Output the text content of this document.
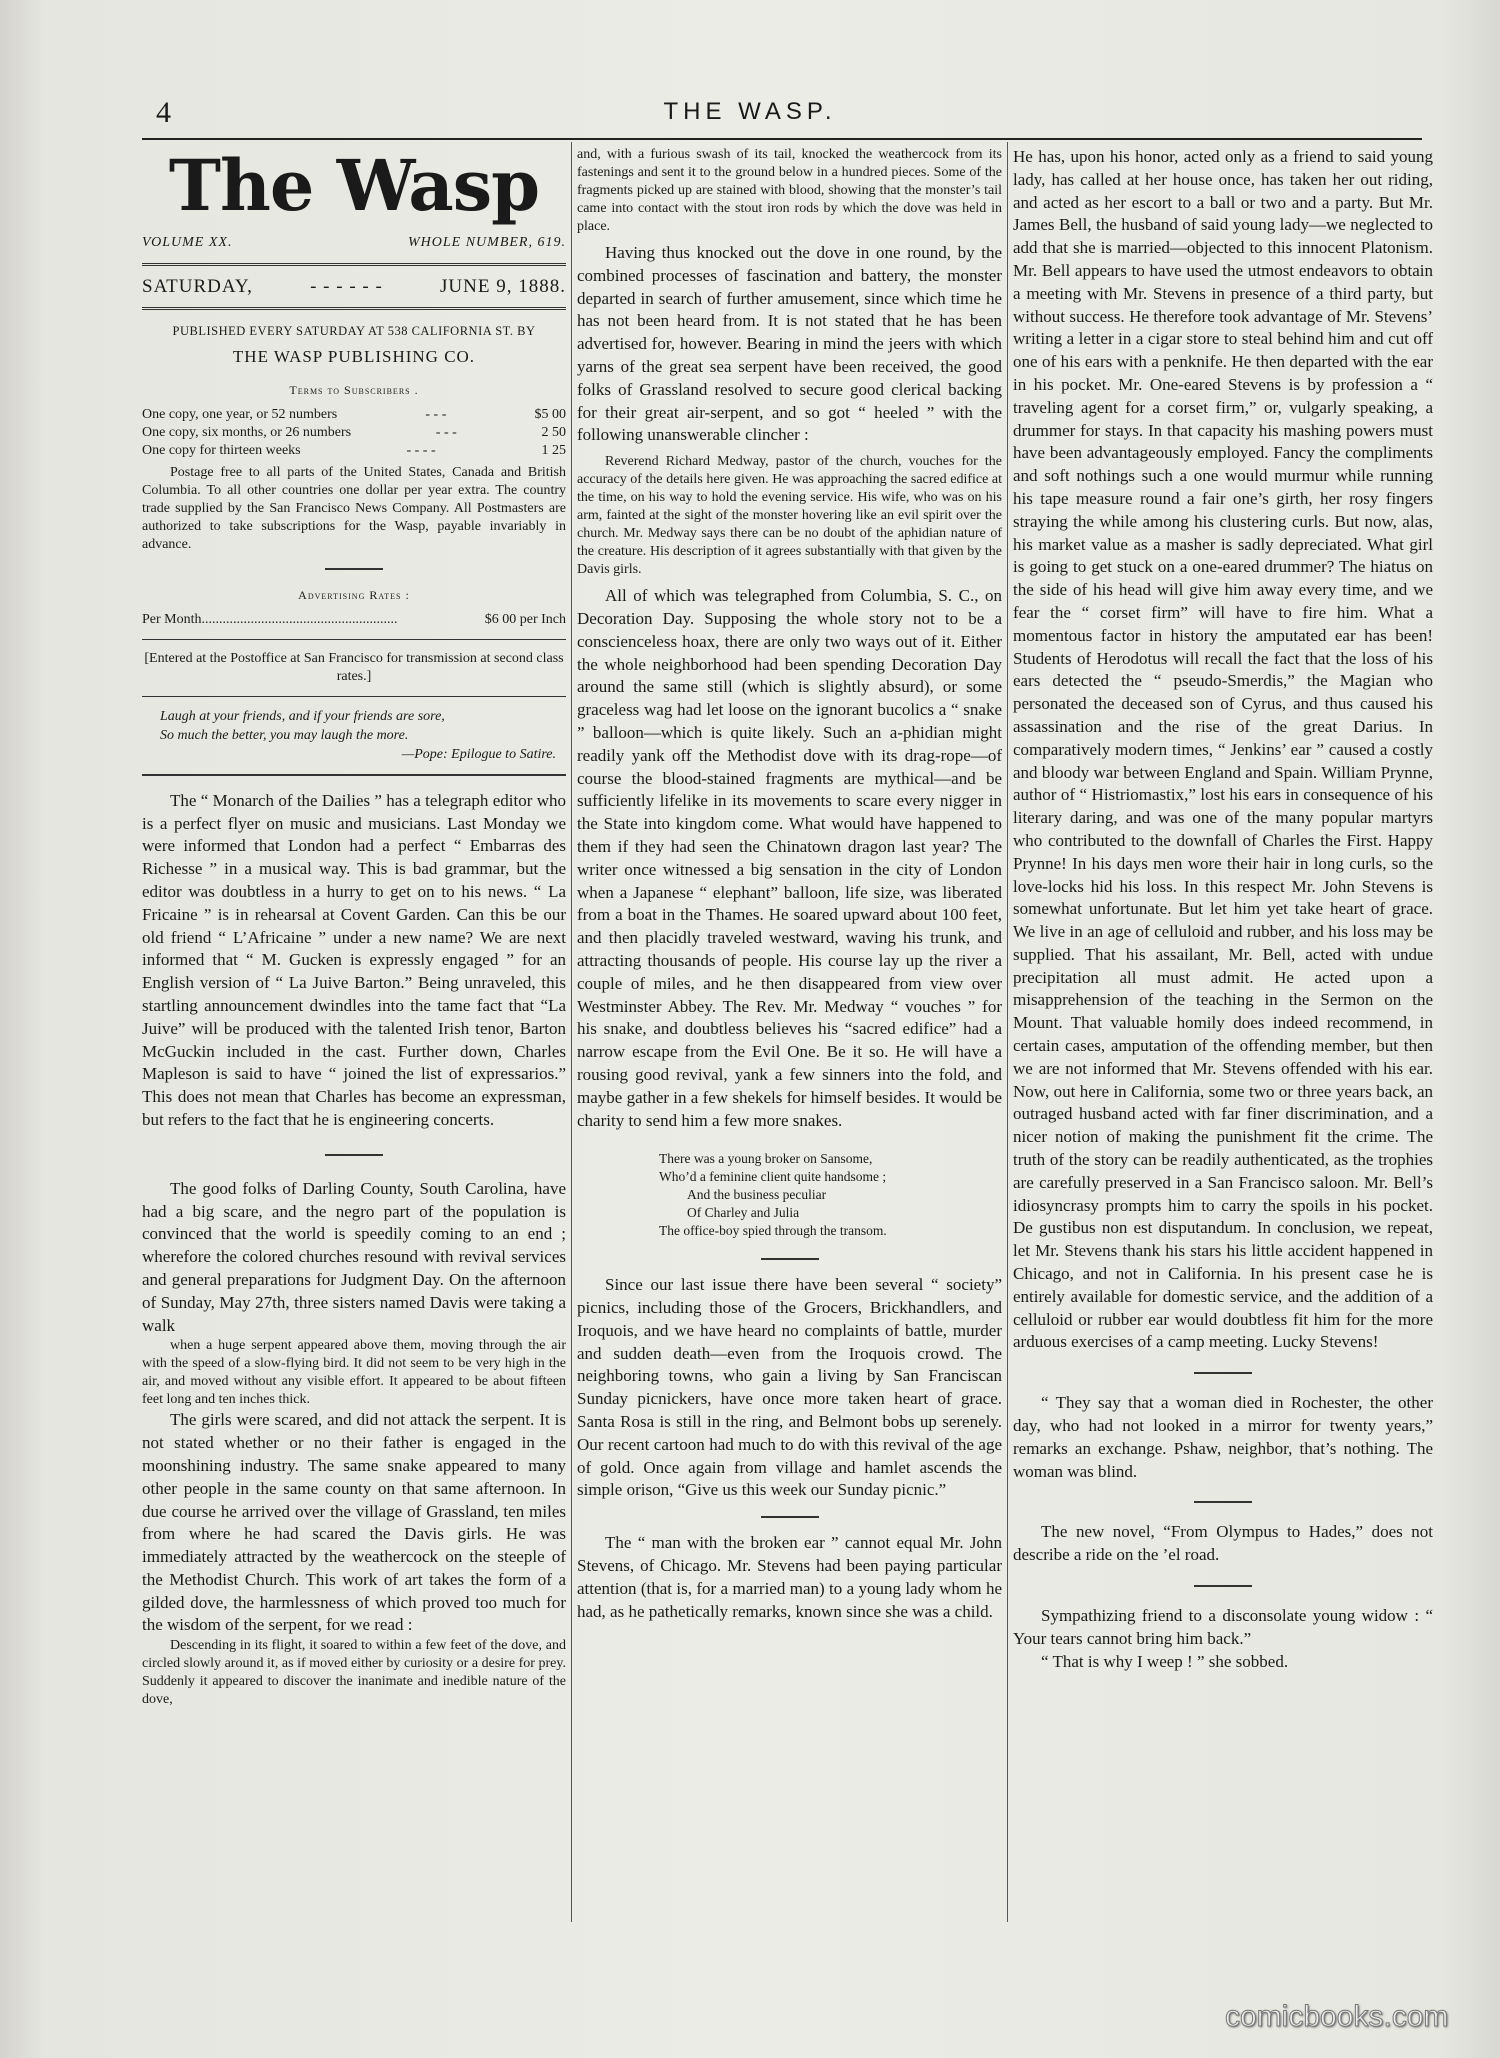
4	THE WASP.
The Wasp
VOLUME XX.	WHOLE NUMBER, 619.
SATURDAY,	- - - - - -	JUNE 9, 1888.
PUBLISHED EVERY SATURDAY AT 538 CALIFORNIA ST. BY
THE WASP PUBLISHING CO.
Terms to Subscribers .
One copy, one year, or 52 numbers	- - -	$5 00
One copy, six months, or 26 numbers	- - -	2 50
One copy for thirteen weeks	- - - -	1 25

Postage free to all parts of the United States, Canada and British Columbia. To all other countries one dollar per year extra. The country trade supplied by the San Francisco News Company. All Postmasters are authorized to take subscriptions for the Wasp, payable invariably in advance.

Advertising Rates :
Per Month........................................................	$6 00 per Inch

[Entered at the Postoffice at San Francisco for transmission at second class rates.]

Laugh at your friends, and if your friends are sore,
So much the better, you may laugh the more.
—Pope: Epilogue to Satire.

The “ Monarch of the Dailies ” has a telegraph editor who is a perfect flyer on music and musicians. Last Monday we were informed that London had a perfect “ Embarras des Richesse ” in a musical way. This is bad grammar, but the editor was doubtless in a hurry to get on to his news. “ La Fricaine ” is in rehearsal at Covent Garden. Can this be our old friend “ L’Africaine ” under a new name? We are next informed that “ M. Gucken is expressly engaged ” for an English version of “ La Juive Barton.” Being unraveled, this startling announcement dwindles into the tame fact that “La Juive” will be produced with the talented Irish tenor, Barton McGuckin included in the cast. Further down, Charles Mapleson is said to have “ joined the list of expressarios.” This does not mean that Charles has become an expressman, but refers to the fact that he is engineering concerts.

The good folks of Darling County, South Carolina, have had a big scare, and the negro part of the population is convinced that the world is speedily coming to an end ; wherefore the colored churches resound with revival services and general preparations for Judgment Day. On the afternoon of Sunday, May 27th, three sisters named Davis were taking a walk

when a huge serpent appeared above them, moving through the air with the speed of a slow-flying bird. It did not seem to be very high in the air, and moved without any visible effort. It appeared to be about fifteen feet long and ten inches thick.

The girls were scared, and did not attack the serpent. It is not stated whether or no their father is engaged in the moonshining industry. The same snake appeared to many other people in the same county on that same afternoon. In due course he arrived over the village of Grassland, ten miles from where he had scared the Davis girls. He was immediately attracted by the weathercock on the steeple of the Methodist Church. This work of art takes the form of a gilded dove, the harmlessness of which proved too much for the wisdom of the serpent, for we read :

Descending in its flight, it soared to within a few feet of the dove, and circled slowly around it, as if moved either by curiosity or a desire for prey. Suddenly it appeared to discover the inanimate and inedible nature of the dove,

and, with a furious swash of its tail, knocked the weathercock from its fastenings and sent it to the ground below in a hundred pieces. Some of the fragments picked up are stained with blood, showing that the monster’s tail came into contact with the stout iron rods by which the dove was held in place.

Having thus knocked out the dove in one round, by the combined processes of fascination and battery, the monster departed in search of further amusement, since which time he has not been heard from. It is not stated that he has been advertised for, however. Bearing in mind the jeers with which yarns of the great sea serpent have been received, the good folks of Grassland resolved to secure good clerical backing for their great air-serpent, and so got “ heeled ” with the following unanswerable clincher :

Reverend Richard Medway, pastor of the church, vouches for the accuracy of the details here given. He was approaching the sacred edifice at the time, on his way to hold the evening service. His wife, who was on his arm, fainted at the sight of the monster hovering like an evil spirit over the church. Mr. Medway says there can be no doubt of the aphidian nature of the creature. His description of it agrees substantially with that given by the Davis girls.

All of which was telegraphed from Columbia, S. C., on Decoration Day. Supposing the whole story not to be a conscienceless hoax, there are only two ways out of it. Either the whole neighborhood had been spending Decoration Day around the same still (which is slightly absurd), or some graceless wag had let loose on the ignorant bucolics a “ snake ” balloon—which is quite likely. Such an a-phidian might readily yank off the Methodist dove with its drag-rope—of course the blood-stained fragments are mythical—and be sufficiently lifelike in its movements to scare every nigger in the State into kingdom come. What would have happened to them if they had seen the Chinatown dragon last year? The writer once witnessed a big sensation in the city of London when a Japanese “ elephant” balloon, life size, was liberated from a boat in the Thames. He soared upward about 100 feet, and then placidly traveled westward, waving his trunk, and attracting thousands of people. His course lay up the river a couple of miles, and he then disappeared from view over Westminster Abbey. The Rev. Mr. Medway “ vouches ” for his snake, and doubtless believes his “sacred edifice” had a narrow escape from the Evil One. Be it so. He will have a rousing good revival, yank a few sinners into the fold, and maybe gather in a few shekels for himself besides. It would be charity to send him a few more snakes.

There was a young broker on Sansome,
Who’d a feminine client quite handsome ;
And the business peculiar
Of Charley and Julia
The office-boy spied through the transom.

Since our last issue there have been several “ society” picnics, including those of the Grocers, Brickhandlers, and Iroquois, and we have heard no complaints of battle, murder and sudden death—even from the Iroquois crowd. The neighboring towns, who gain a living by San Franciscan Sunday picnickers, have once more taken heart of grace. Santa Rosa is still in the ring, and Belmont bobs up serenely. Our recent cartoon had much to do with this revival of the age of gold. Once again from village and hamlet ascends the simple orison, “Give us this week our Sunday picnic.”

The “ man with the broken ear ” cannot equal Mr. John Stevens, of Chicago. Mr. Stevens had been paying particular attention (that is, for a married man) to a young lady whom he had, as he pathetically remarks, known since she was a child.

He has, upon his honor, acted only as a friend to said young lady, has called at her house once, has taken her out riding, and acted as her escort to a ball or two and a party. But Mr. James Bell, the husband of said young lady—we neglected to add that she is married—objected to this innocent Platonism. Mr. Bell appears to have used the utmost endeavors to obtain a meeting with Mr. Stevens in presence of a third party, but without success. He therefore took advantage of Mr. Stevens’ writing a letter in a cigar store to steal behind him and cut off one of his ears with a penknife. He then departed with the ear in his pocket. Mr. One-eared Stevens is by profession a “ traveling agent for a corset firm,” or, vulgarly speaking, a drummer for stays. In that capacity his mashing powers must have been advantageously employed. Fancy the compliments and soft nothings such a one would murmur while running his tape measure round a fair one’s girth, her rosy fingers straying the while among his clustering curls. But now, alas, his market value as a masher is sadly depreciated. What girl is going to get stuck on a one-eared drummer? The hiatus on the side of his head will give him away every time, and we fear the “ corset firm” will have to fire him. What a momentous factor in history the amputated ear has been! Students of Herodotus will recall the fact that the loss of his ears detected the “ pseudo-Smerdis,” the Magian who personated the deceased son of Cyrus, and thus caused his assassination and the rise of the great Darius. In comparatively modern times, “ Jenkins’ ear ” caused a costly and bloody war between England and Spain. William Prynne, author of “ Histriomastix,” lost his ears in consequence of his literary daring, and was one of the many popular martyrs who contributed to the downfall of Charles the First. Happy Prynne! In his days men wore their hair in long curls, so the love-locks hid his loss. In this respect Mr. John Stevens is somewhat unfortunate. But let him yet take heart of grace. We live in an age of celluloid and rubber, and his loss may be supplied. That his assailant, Mr. Bell, acted with undue precipitation all must admit. He acted upon a misapprehension of the teaching in the Sermon on the Mount. That valuable homily does indeed recommend, in certain cases, amputation of the offending member, but then we are not informed that Mr. Stevens offended with his ear. Now, out here in California, some two or three years back, an outraged husband acted with far finer discrimination, and a nicer notion of making the punishment fit the crime. The truth of the story can be readily authenticated, as the trophies are carefully preserved in a San Francisco saloon. Mr. Bell’s idiosyncrasy prompts him to carry the spoils in his pocket. De gustibus non est disputandum. In conclusion, we repeat, let Mr. Stevens thank his stars his little accident happened in Chicago, and not in California. In his present case he is entirely available for domestic service, and the addition of a celluloid or rubber ear would doubtless fit him for the more arduous exercises of a camp meeting. Lucky Stevens!

“ They say that a woman died in Rochester, the other day, who had not looked in a mirror for twenty years,” remarks an exchange. Pshaw, neighbor, that’s nothing. The woman was blind.

The new novel, “From Olympus to Hades,” does not describe a ride on the ’el road.

Sympathizing friend to a disconsolate young widow : “ Your tears cannot bring him back.”

“ That is why I weep ! ” she sobbed.

comicbooks.com
